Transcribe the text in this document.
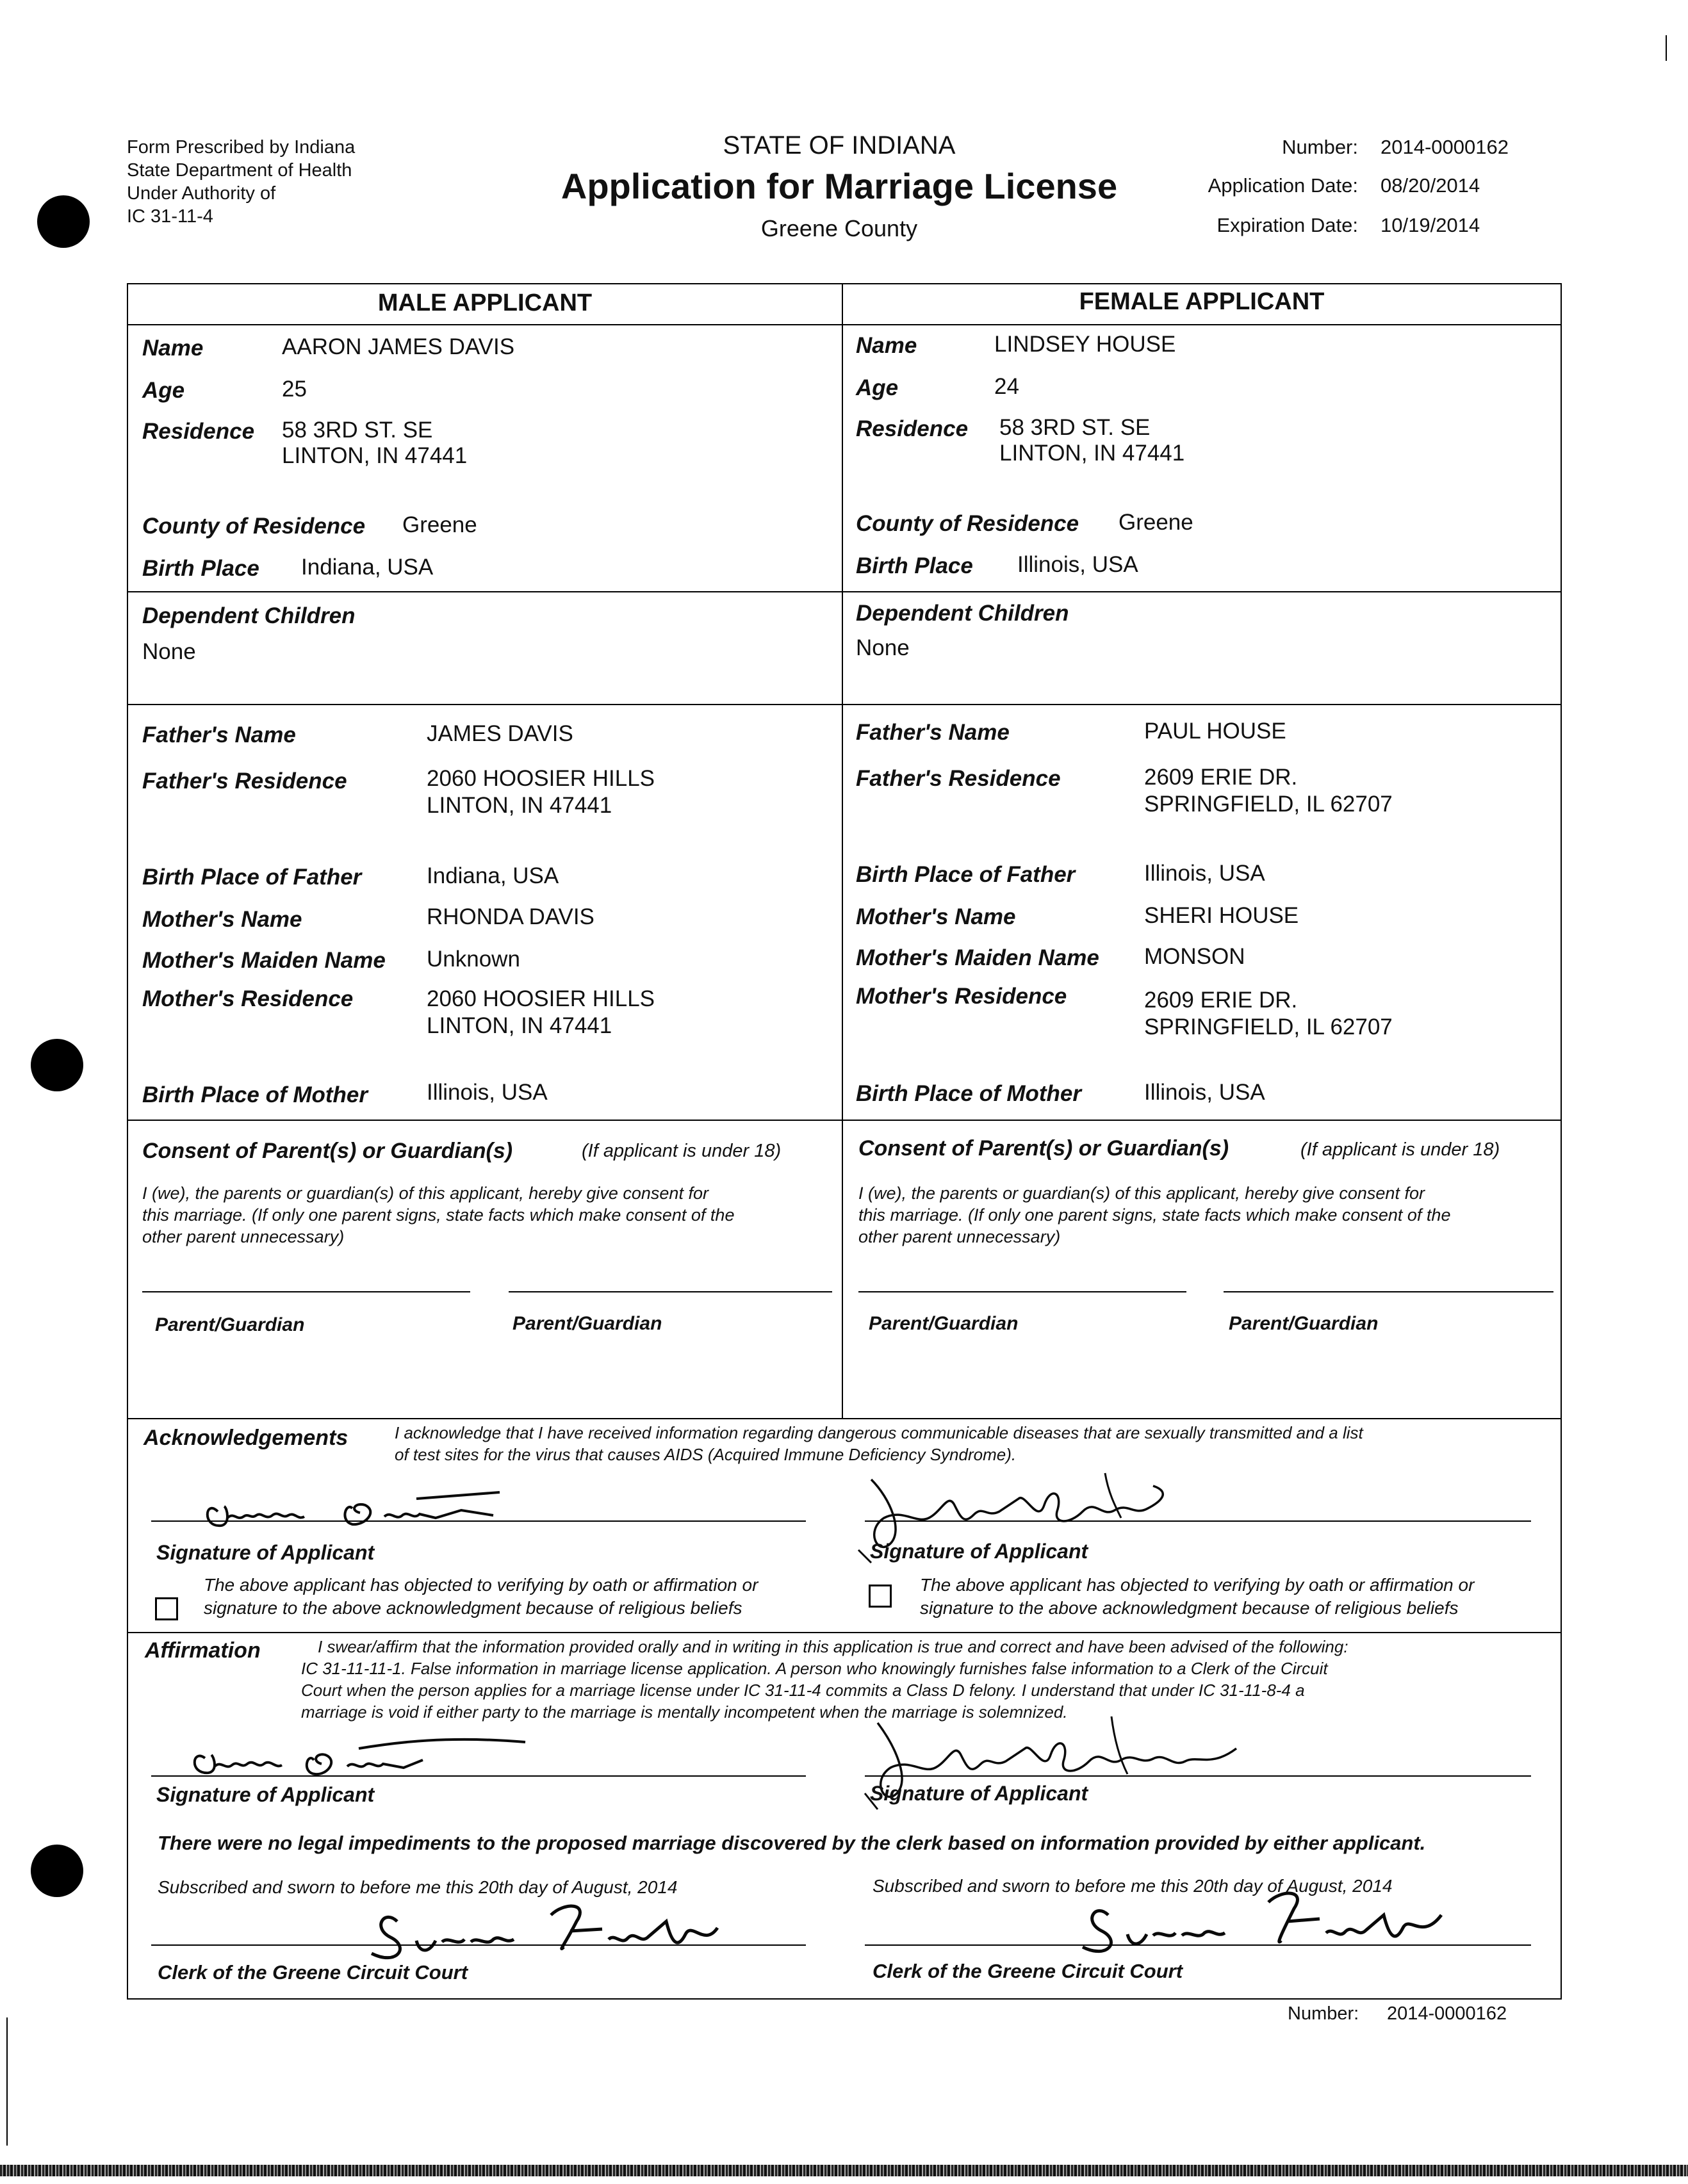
Form Prescribed by Indiana
State Department of Health
Under Authority of
IC 31-11-4
STATE OF INDIANA
Application for Marriage License
Greene County
Number: 2014-0000162
Application Date: 08/20/2014
Expiration Date: 10/19/2014
MALE APPLICANT	FEMALE APPLICANT
Name	AARON JAMES DAVIS
Age	25
Residence 58 3RD ST. SE
LINTON, IN 47441
County of Residence Greene
Birth Place Indiana, USA
Dependent Children
None
Father's Name	JAMES DAVIS
Father's Residence	2060 HOOSIER HILLS
LINTON, IN 47441
Birth Place of Father	Indiana, USA
Mother's Name	RHONDA DAVIS
Mother's Maiden Name Unknown
Mother's Residence	2060 HOOSIER HILLS
LINTON, IN 47441
Birth Place of Mother	Illinois, USA
Consent of Parent(s) or Guardian(s)	(If applicant is under 18)
I (we), the parents or guardian(s) of this applicant, hereby give consent for
this marriage. (If only one parent signs, state facts which make consent of the
other parent unnecessary)
Parent/Guardian	Parent/Guardian
Name	LINDSEY HOUSE
Age	24
Residence 58 3RD ST. SE
LINTON, IN 47441
County of Residence Greene
Birth Place Illinois, USA
Dependent Children
None
Father's Name	PAUL HOUSE
Father's Residence	2609 ERIE DR.
SPRINGFIELD, IL 62707
Birth Place of Father	Illinois, USA
Mother's Name	SHERI HOUSE
Mother's Maiden Name MONSON
Mother's Residence	2609 ERIE DR.
SPRINGFIELD, IL 62707
Birth Place of Mother	Illinois, USA
Consent of Parent(s) or Guardian(s)	(If applicant is under 18)
I (we), the parents or guardian(s) of this applicant, hereby give consent for
this marriage. (If only one parent signs, state facts which make consent of the
other parent unnecessary)
Parent/Guardian	Parent/Guardian
Acknowledgements	I acknowledge that I have received information regarding dangerous communicable diseases that are sexually transmitted and a list
of test sites for the virus that causes AIDS (Acquired Immune Deficiency Syndrome).
Signature of Applicant	Signature of Applicant
The above applicant has objected to verifying by oath or affirmation or
signature to the above acknowledgment because of religious beliefs
The above applicant has objected to verifying by oath or affirmation or
signature to the above acknowledgment because of religious beliefs
Affirmation	I swear/affirm that the information provided orally and in writing in this application is true and correct and have been advised of the following:
IC 31-11-11-1. False information in marriage license application. A person who knowingly furnishes false information to a Clerk of the Circuit
Court when the person applies for a marriage license under IC 31-11-4 commits a Class D felony. I understand that under IC 31-11-8-4 a
marriage is void if either party to the marriage is mentally incompetent when the marriage is solemnized.
Signature of Applicant	Signature of Applicant
There were no legal impediments to the proposed marriage discovered by the clerk based on information provided by either applicant.
Subscribed and sworn to before me this 20th day of August, 2014	Subscribed and sworn to before me this 20th day of August, 2014
Clerk of the Greene Circuit Court	Clerk of the Greene Circuit Court
Number: 2014-0000162
